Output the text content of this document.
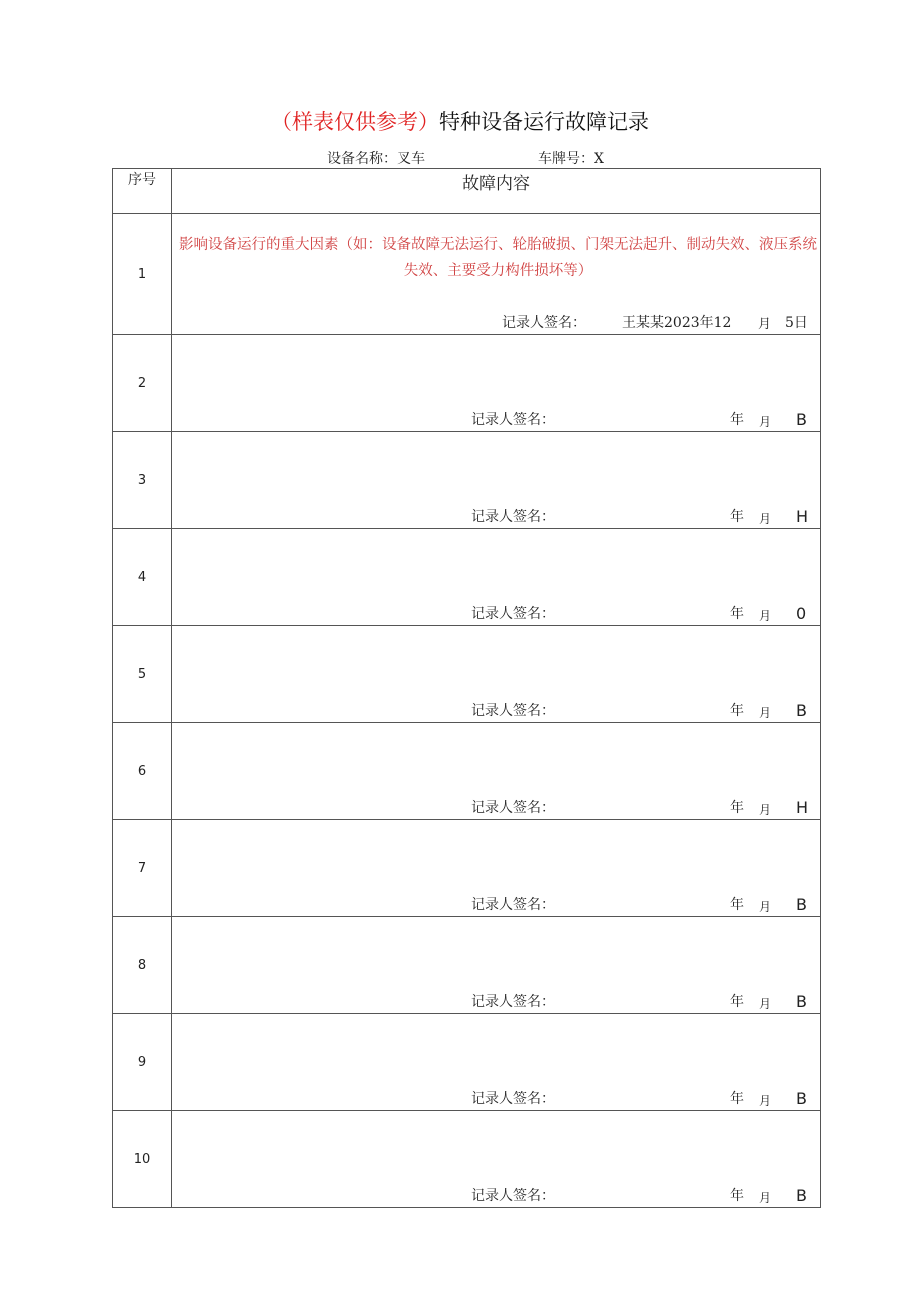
（样表仅供参考）特种设备运行故障记录
设备名称：叉车	车牌号：X
序号	故障内容
1	影响设备运行的重大因素（如：设备故障无法运行、轮胎破损、门架无法起升、制动失效、液压系统失效、主要受力构件损坏等）
记录人签名： 王某某2023年12 月 5日

2	记录人签名： 年 月 B

3	记录人签名： 年 月 H

4	记录人签名： 年 月 0

5	记录人签名： 年 月 B

6	记录人签名： 年 月 H

7	记录人签名： 年 月 B

8	记录人签名： 年 月 B

9	记录人签名： 年 月 B

10	记录人签名： 年 月 B
